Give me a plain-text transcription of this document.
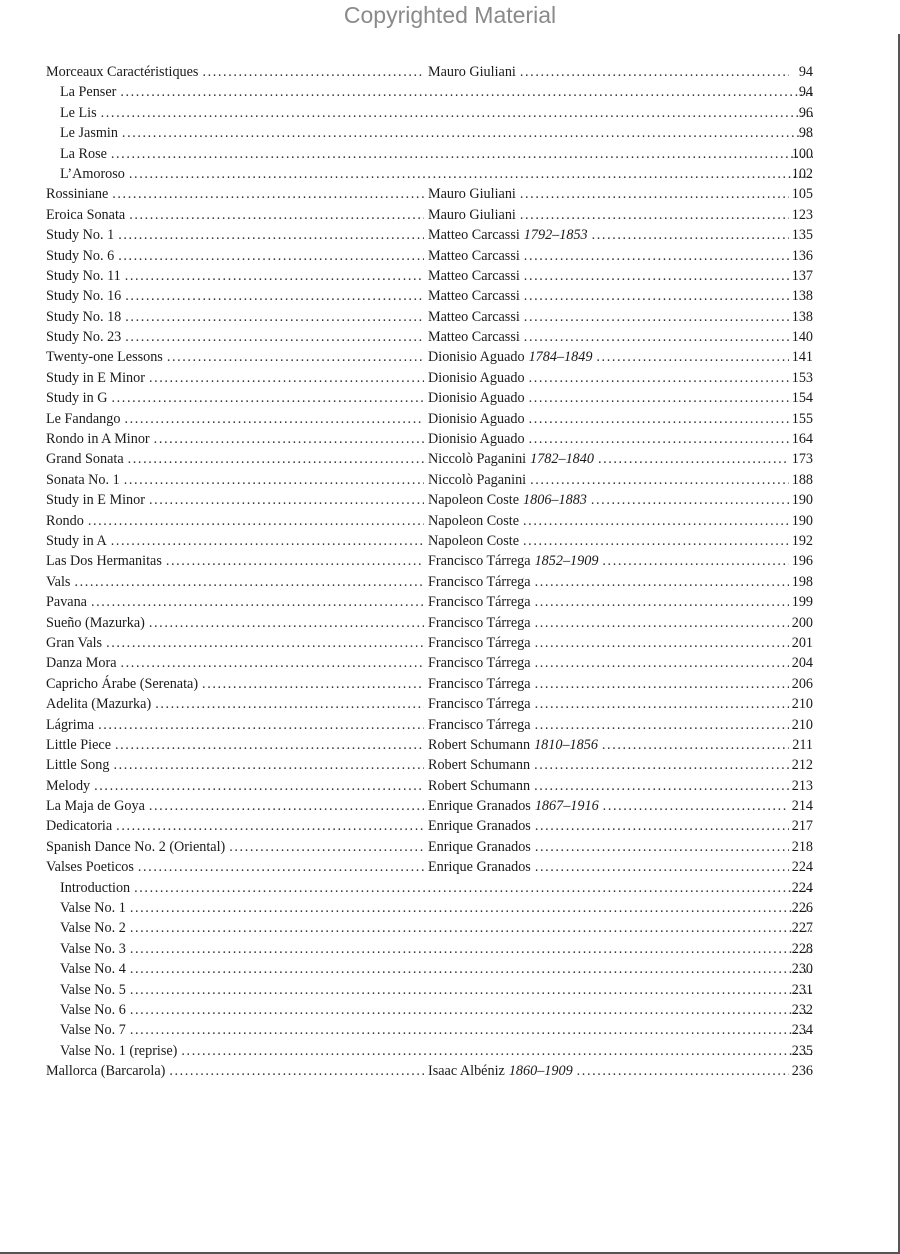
Copyrighted Material
Morceaux Caractéristiques .....	Mauro Giuliani .....	94
La Penser .....	94
Le Lis .....	96
Le Jasmin .....	98
La Rose .....	100
L’Amoroso .....	102
Rossiniane .....	Mauro Giuliani .....	105
Eroica Sonata .....	Mauro Giuliani .....	123
Study No. 1 .....	Matteo Carcassi 1792–1853 .....	135
Study No. 6 .....	Matteo Carcassi .....	136
Study No. 11 .....	Matteo Carcassi .....	137
Study No. 16 .....	Matteo Carcassi .....	138
Study No. 18 .....	Matteo Carcassi .....	138
Study No. 23 .....	Matteo Carcassi .....	140
Twenty-one Lessons .....	Dionisio Aguado 1784–1849 .....	141
Study in E Minor .....	Dionisio Aguado .....	153
Study in G .....	Dionisio Aguado .....	154
Le Fandango .....	Dionisio Aguado .....	155
Rondo in A Minor .....	Dionisio Aguado .....	164
Grand Sonata .....	Niccolò Paganini 1782–1840 .....	173
Sonata No. 1 .....	Niccolò Paganini .....	188
Study in E Minor .....	Napoleon Coste 1806–1883 .....	190
Rondo .....	Napoleon Coste .....	190
Study in A .....	Napoleon Coste .....	192
Las Dos Hermanitas .....	Francisco Tárrega 1852–1909 .....	196
Vals .....	Francisco Tárrega .....	198
Pavana .....	Francisco Tárrega .....	199
Sueño (Mazurka) .....	Francisco Tárrega .....	200
Gran Vals .....	Francisco Tárrega .....	201
Danza Mora .....	Francisco Tárrega .....	204
Capricho Árabe (Serenata) .....	Francisco Tárrega .....	206
Adelita (Mazurka) .....	Francisco Tárrega .....	210
Lágrima .....	Francisco Tárrega .....	210
Little Piece .....	Robert Schumann 1810–1856 .....	211
Little Song .....	Robert Schumann .....	212
Melody .....	Robert Schumann .....	213
La Maja de Goya .....	Enrique Granados 1867–1916 .....	214
Dedicatoria .....	Enrique Granados .....	217
Spanish Dance No. 2 (Oriental) .....	Enrique Granados .....	218
Valses Poeticos .....	Enrique Granados .....	224
Introduction .....	224
Valse No. 1 .....	226
Valse No. 2 .....	227
Valse No. 3 .....	228
Valse No. 4 .....	230
Valse No. 5 .....	231
Valse No. 6 .....	232
Valse No. 7 .....	234
Valse No. 1 (reprise) .....	235
Mallorca (Barcarola) .....	Isaac Albéniz 1860–1909 .....	236
